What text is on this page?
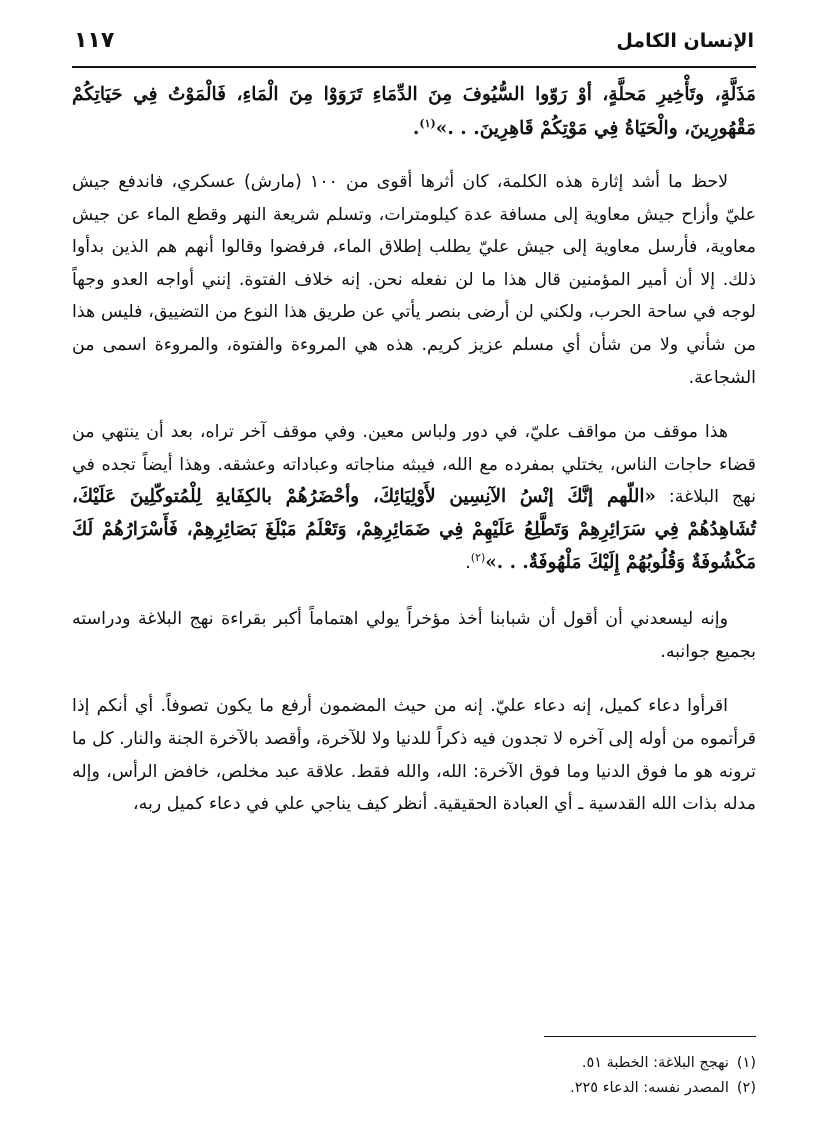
الإنسان الكامل
١١٧

مَذَلَّةٍ، وتَأْخِيرِ مَحلَّةٍ، أوْ رَوّوا السُّيُوفَ مِنَ الدِّمَاءِ تَرَوَوْا مِنَ الْمَاءِ، فَالْمَوْتُ فِي حَيَاتِكُمْ مَقْهُورِينَ، والْحَيَاةُ فِي مَوْتِكُمْ قَاهِرِينَ. . .»$^{(١)}$.

لاحظ ما أشد إثارة هذه الكلمة، كان أثرها أقوى من ١٠٠ (مارش) عسكري، فاندفع جيش عليّ وأزاح جيش معاوية إلى مسافة عدة كيلومترات، وتسلم شريعة النهر وقطع الماء عن جيش معاوية، فأرسل معاوية إلى جيش عليّ يطلب إطلاق الماء، فرفضوا وقالوا أنهم هم الذين بدأوا ذلك. إلا أن أمير المؤمنين قال هذا ما لن نفعله نحن. إنه خلاف الفتوة. إنني أواجه العدو وجهاً لوجه في ساحة الحرب، ولكني لن أرضى بنصر يأتي عن طريق هذا النوع من التضييق، فليس هذا من شأني ولا من شأن أي مسلم عزيز كريم. هذه هي المروءة والفتوة، والمروءة اسمى من الشجاعة.

هذا موقف من مواقف عليّ، في دور ولباس معين. وفي موقف آخر تراه، بعد أن ينتهي من قضاء حاجات الناس، يختلي بمفرده مع الله، فيبثه مناجاته وعباداته وعشقه. وهذا أيضاً تجده في نهج البلاغة: «اللّهم إنَّكَ إنْسُ الآنِسِين لأَوْلِيَائِكَ، وأحْضَرُهُمْ بالكِفَايةِ لِلْمُتوكّلِينَ عَلَيْكَ، تُشَاهِدُهُمْ فِي سَرَائِرِهِمْ وَتَطَّلِعُ عَلَيْهِمْ فِي ضَمَائِرِهِمْ، وَتَعْلَمُ مَبْلَغَ بَصَائِرِهِمْ، فَأَسْرَارُهُمْ لَكَ مَكْشُوفَةٌ وَقُلُوبُهُمْ إِلَيْكَ مَلْهُوفَةٌ. . .»$^{(٢)}$.

وإنه ليسعدني أن أقول أن شبابنا أخذ مؤخراً يولي اهتماماً أكبر بقراءة نهج البلاغة ودراسته بجميع جوانبه.

اقرأوا دعاء كميل، إنه دعاء عليّ. إنه من حيث المضمون أرفع ما يكون تصوفاً. أي أنكم إذا قرأتموه من أوله إلى آخره لا تجدون فيه ذكراً للدنيا ولا للآخرة، وأقصد بالآخرة الجنة والنار. كل ما ترونه هو ما فوق الدنيا وما فوق الآخرة: الله، والله فقط. علاقة عبد مخلص، خافض الرأس، وإله مدله بذات الله القدسية ـ أي العبادة الحقيقية. أنظر كيف يناجي علي في دعاء كميل ربه،

(١)نهجج البلاغة: الخطبة ٥١.

(٢)المصدر نفسه: الدعاء ٢٢٥.
